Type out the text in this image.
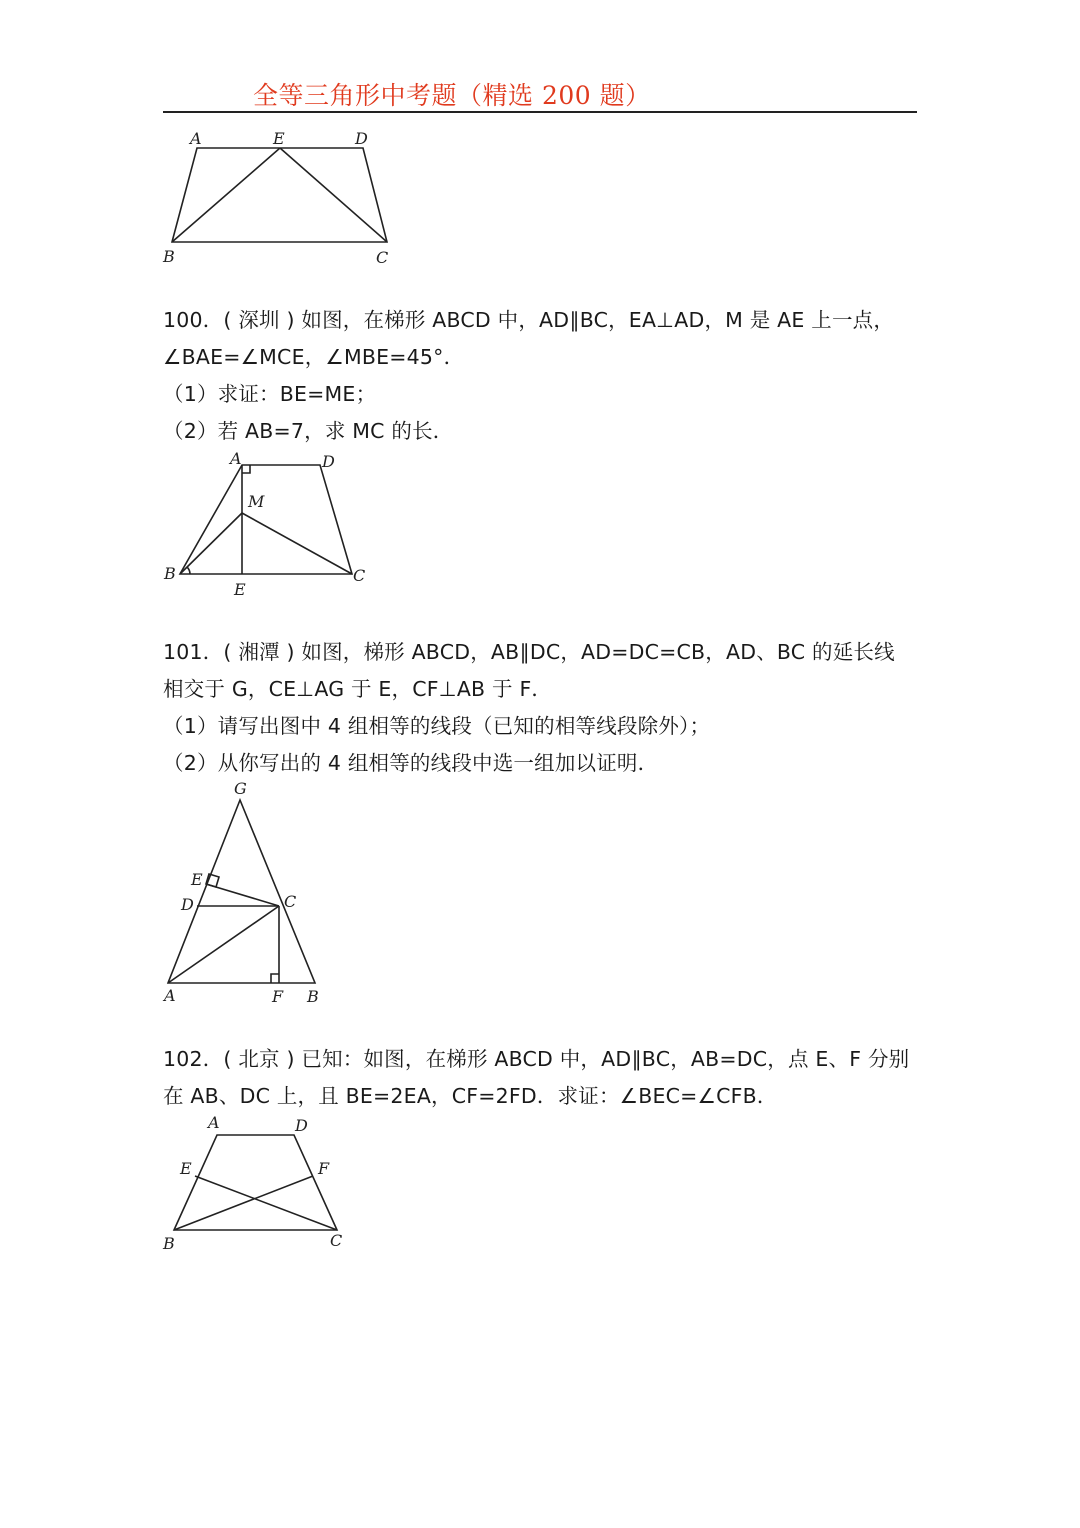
全等三角形中考题（精选 200 题）
A	E	D
B	C
100．( 深圳 ) 如图，在梯形 ABCD 中，AD∥BC，EA⊥AD，M 是 AE 上一点，
∠BAE=∠MCE，∠MBE=45°．
（1）求证：BE=ME；
（2）若 AB=7，求 MC 的长．
A	D
M
B
E
C
101．( 湘潭 ) 如图，梯形 ABCD，AB∥DC，AD=DC=CB，AD、BC 的延长线
相交于 G，CE⊥AG 于 E，CF⊥AB 于 F．
（1）请写出图中 4 组相等的线段（已知的相等线段除外）；
（2）从你写出的 4 组相等的线段中选一组加以证明．
G
E
D	C
A	F B
102．( 北京 ) 已知：如图，在梯形 ABCD 中，AD∥BC，AB=DC，点 E、F 分别
在 AB、DC 上，且 BE=2EA，CF=2FD．求证：∠BEC=∠CFB．
A	D
E	F
B	C
